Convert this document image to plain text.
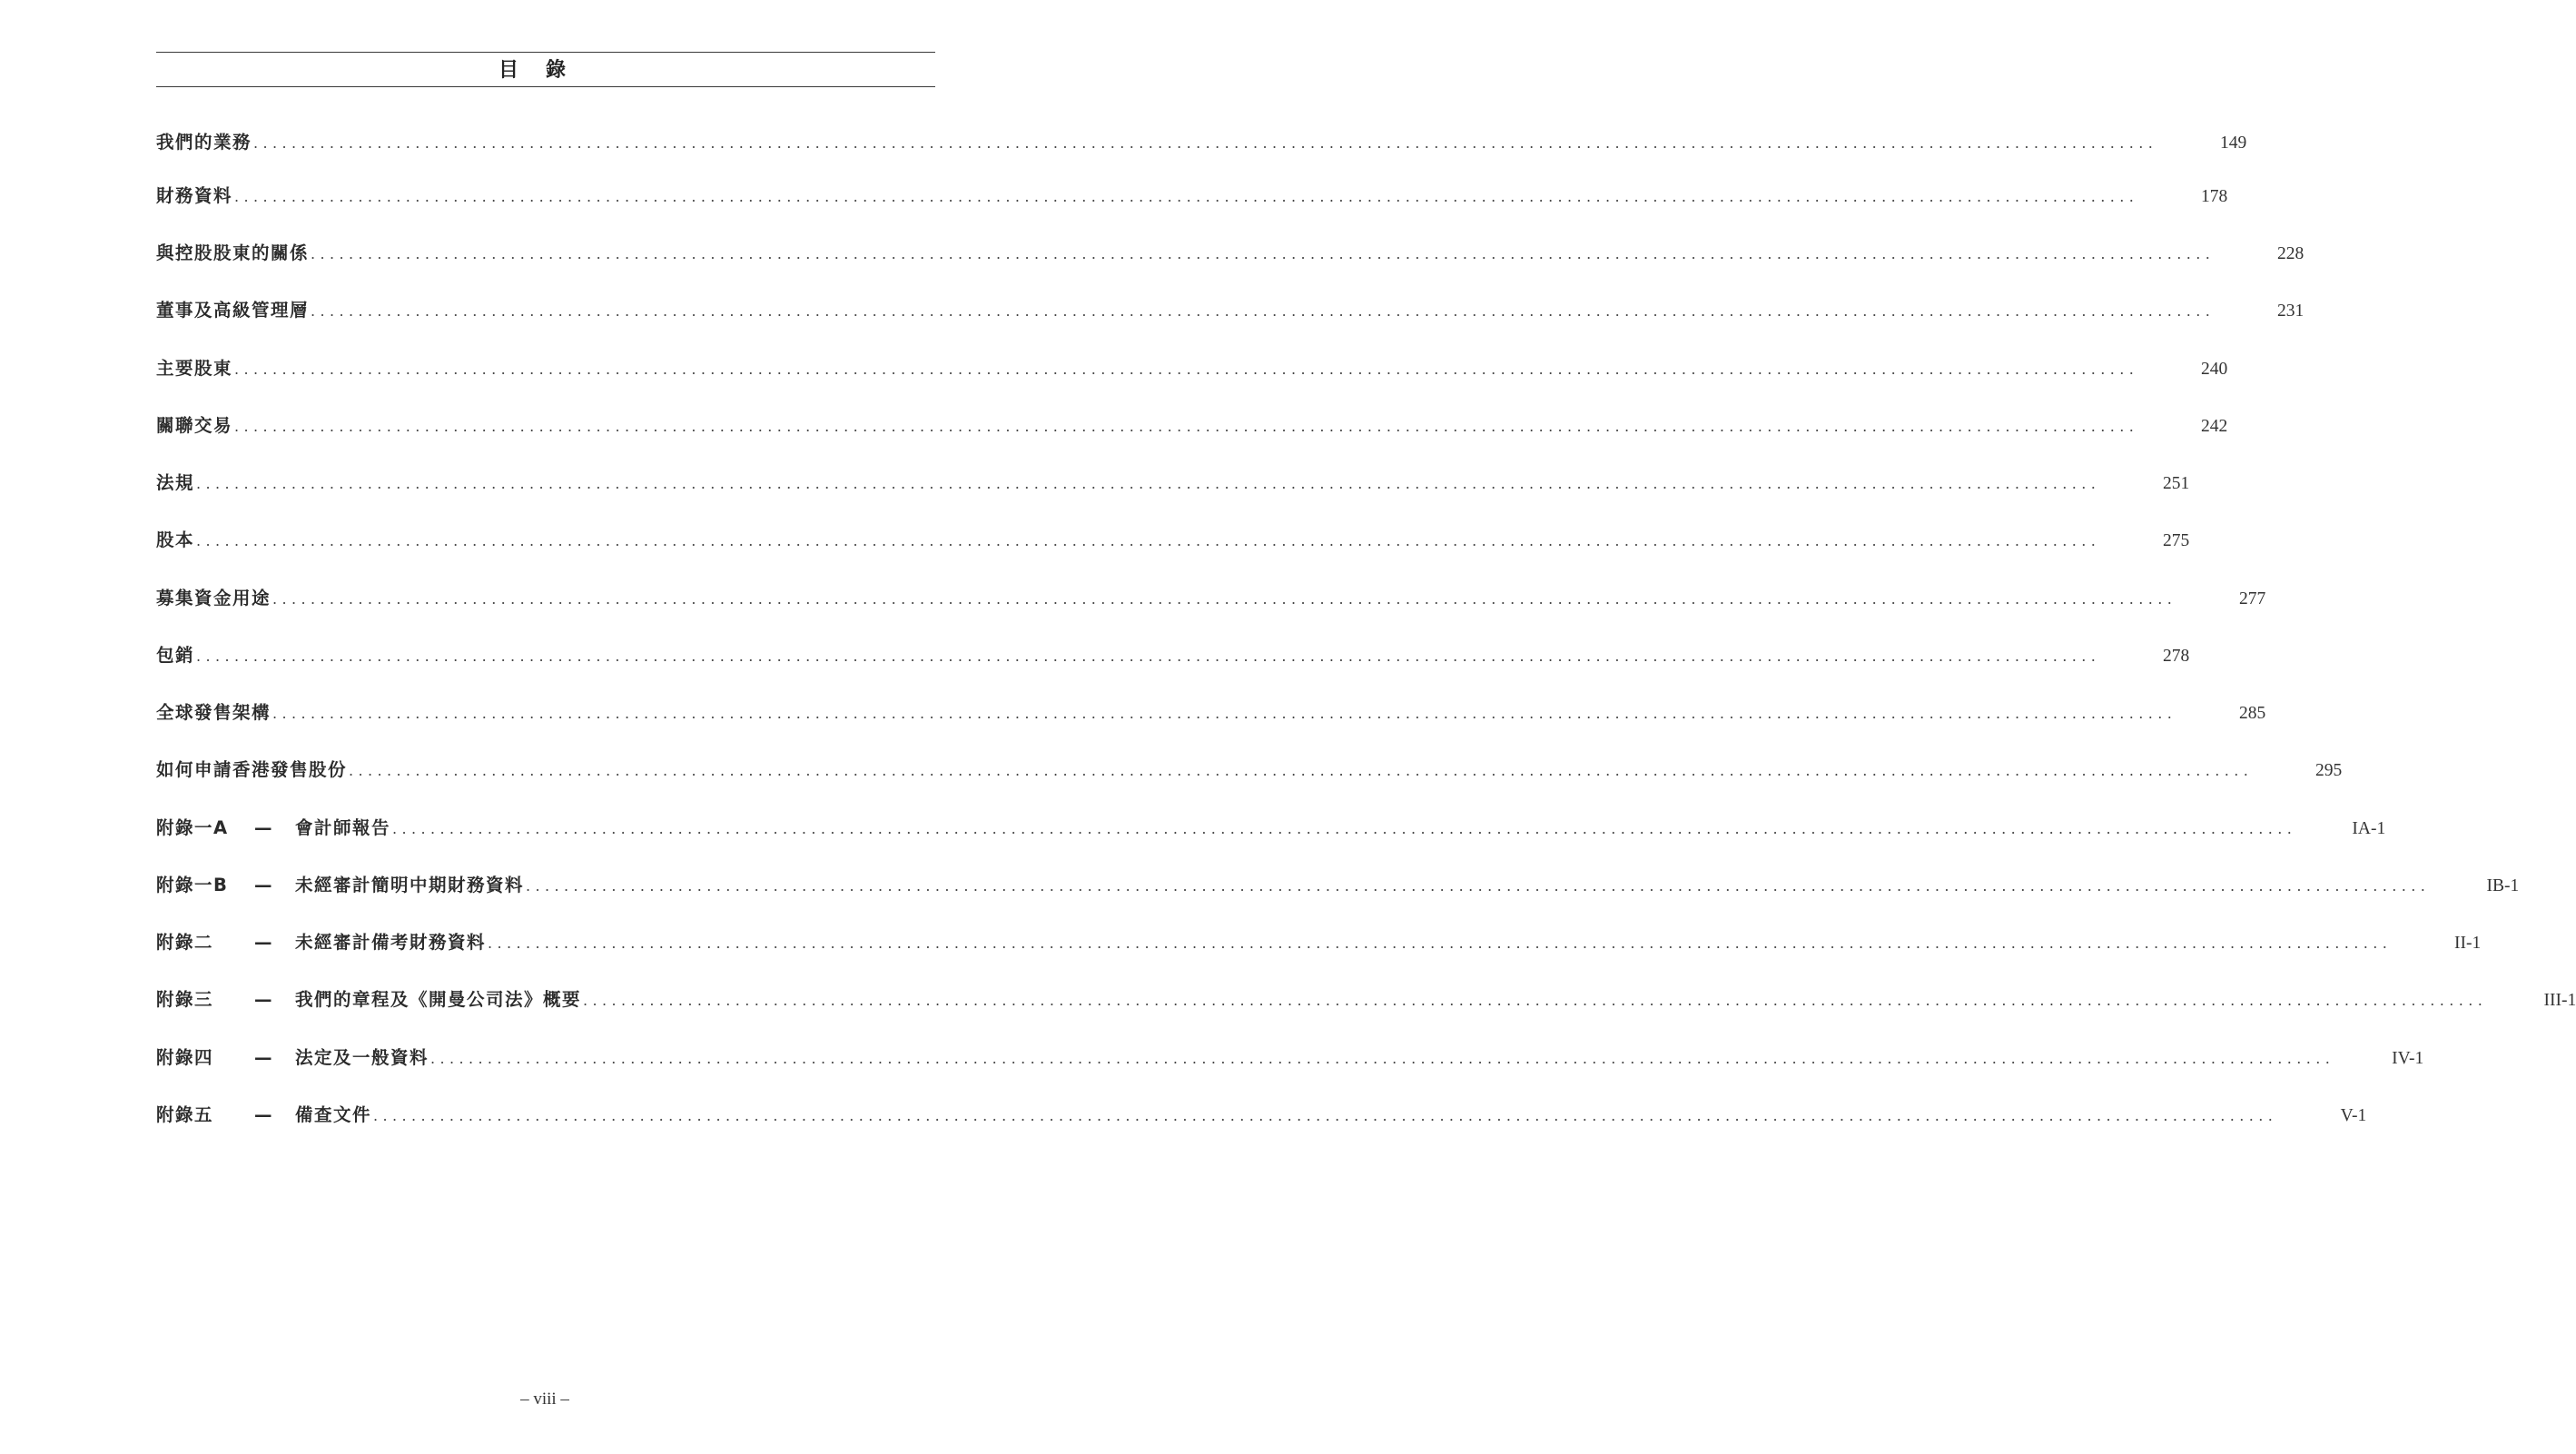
目錄
我們的業務 ........................................................................................................................................................................................................	149
財務資料 ........................................................................................................................................................................................................	178
與控股股東的關係 ........................................................................................................................................................................................................	228
董事及高級管理層 ........................................................................................................................................................................................................	231
主要股東 ........................................................................................................................................................................................................	240
關聯交易 ........................................................................................................................................................................................................	242
法規 ........................................................................................................................................................................................................	251
股本 ........................................................................................................................................................................................................	275
募集資金用途 ........................................................................................................................................................................................................	277
包銷 ........................................................................................................................................................................................................	278
全球發售架構 ........................................................................................................................................................................................................	285
如何申請香港發售股份 ........................................................................................................................................................................................................	295
附錄一A	—	會計師報告 ........................................................................................................................................................................................................	IA-1
附錄一B	—	未經審計簡明中期財務資料 ........................................................................................................................................................................................................	IB-1
附錄二	—	未經審計備考財務資料 ........................................................................................................................................................................................................	II-1
附錄三	—	我們的章程及《開曼公司法》概要 ........................................................................................................................................................................................................	III-1
附錄四	—	法定及一般資料 ........................................................................................................................................................................................................	IV-1
附錄五	—	備查文件 ........................................................................................................................................................................................................	V-1
– viii –
